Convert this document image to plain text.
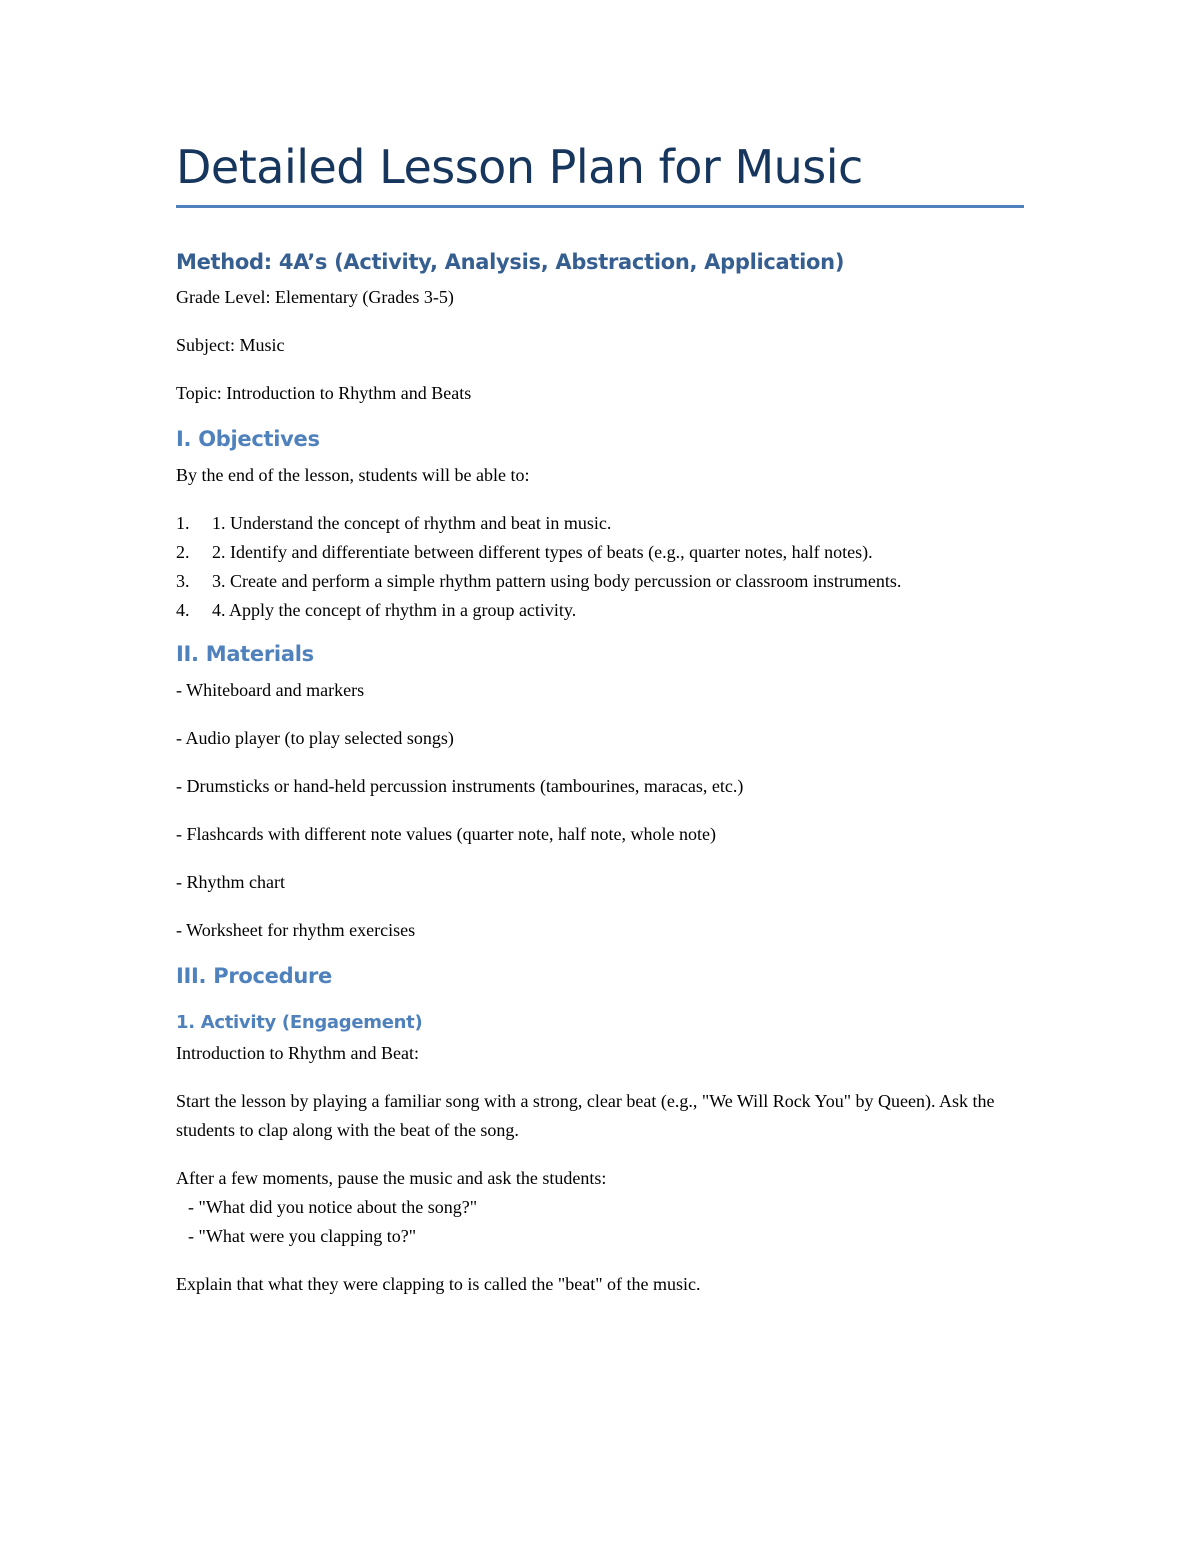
Detailed Lesson Plan for Music
Method: 4A’s (Activity, Analysis, Abstraction, Application)

Grade Level: Elementary (Grades 3-5)

Subject: Music

Topic: Introduction to Rhythm and Beats

I. Objectives

By the end of the lesson, students will be able to:

1. 1. Understand the concept of rhythm and beat in music.
2. 2. Identify and differentiate between different types of beats (e.g., quarter notes, half notes).
3. 3. Create and perform a simple rhythm pattern using body percussion or classroom instruments.
4. 4. Apply the concept of rhythm in a group activity.
II. Materials

- Whiteboard and markers

- Audio player (to play selected songs)

- Drumsticks or hand-held percussion instruments (tambourines, maracas, etc.)

- Flashcards with different note values (quarter note, half note, whole note)

- Rhythm chart

- Worksheet for rhythm exercises

III. Procedure
1. Activity (Engagement)

Introduction to Rhythm and Beat:

Start the lesson by playing a familiar song with a strong, clear beat (e.g., "We Will Rock You" by Queen). Ask the students to clap along with the beat of the song.

After a few moments, pause the music and ask the students:

- "What did you notice about the song?"
- "What were you clapping to?"

Explain that what they were clapping to is called the "beat" of the music.
